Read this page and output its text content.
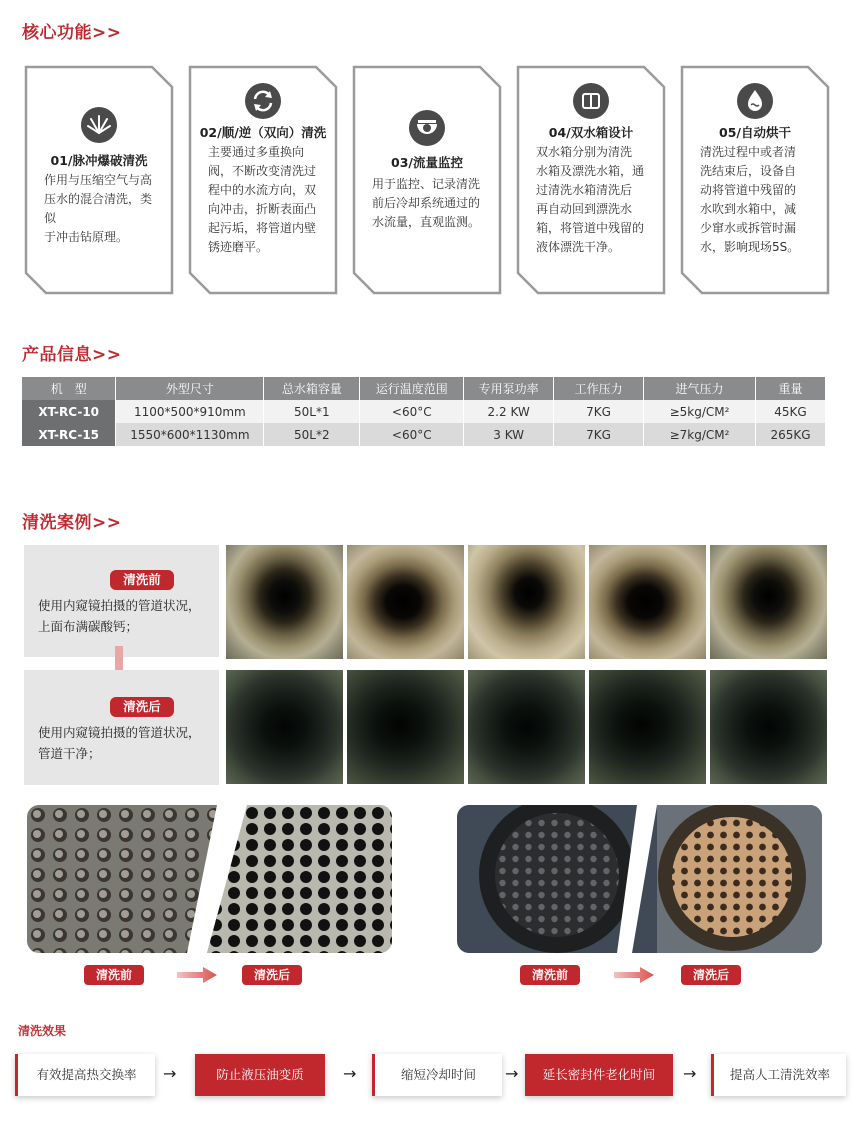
核心功能>>
01/脉冲爆破清洗
作用与压缩空气与高
压水的混合清洗，类似
于冲击钻原理。
02/顺/逆（双向）清洗
主要通过多重换向
阀，不断改变清洗过
程中的水流方向，双
向冲击，折断表面凸
起污垢，将管道内壁
锈迹磨平。
03/流量监控
用于监控、记录清洗
前后冷却系统通过的
水流量，直观监测。
04/双水箱设计
双水箱分别为清洗
水箱及漂洗水箱，通
过清洗水箱清洗后
再自动回到漂洗水
箱，将管道中残留的
液体漂洗干净。
05/自动烘干
清洗过程中或者清
洗结束后，设备自
动将管道中残留的
水吹到水箱中，减
少窜水或拆管时漏
水，影响现场5S。
产品信息>>
机　型	外型尺寸	总水箱容量	运行温度范围	专用泵功率	工作压力	进气压力	重量
XT-RC-10	1100*500*910mm	50L*1	<60°C	2.2 KW	7KG	≥5kg/CM²	45KG
XT-RC-15	1550*600*1130mm	50L*2	<60°C	3 KW	7KG	≥7kg/CM²	265KG
清洗案例>>
清洗前
使用内窥镜拍摄的管道状况，
上面布满碳酸钙；
清洗后
使用内窥镜拍摄的管道状况，
管道干净；
清洗前	清洗后	清洗前	清洗后
清洗效果
有效提高热交换率	→	防止液压油变质	→	缩短冷却时间	→	延长密封件老化时间	→	提高人工清洗效率
